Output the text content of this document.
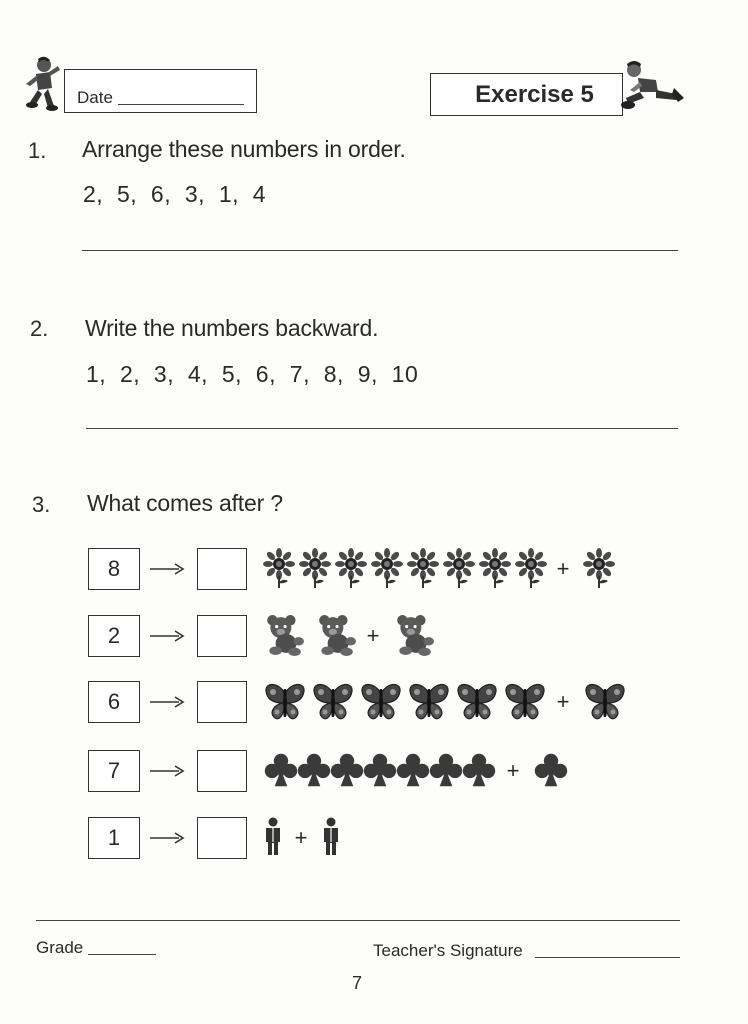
Date	Exercise 5
1. Arrange these numbers in order.
2,  5,  6,  3,  1,  4
2. Write the numbers backward.
1,  2,  3,  4,  5,  6,  7,  8,  9,  10
3. What comes after ?
8	+
2	+
6	+
7	+
1	+
Grade	Teacher's Signature
7
